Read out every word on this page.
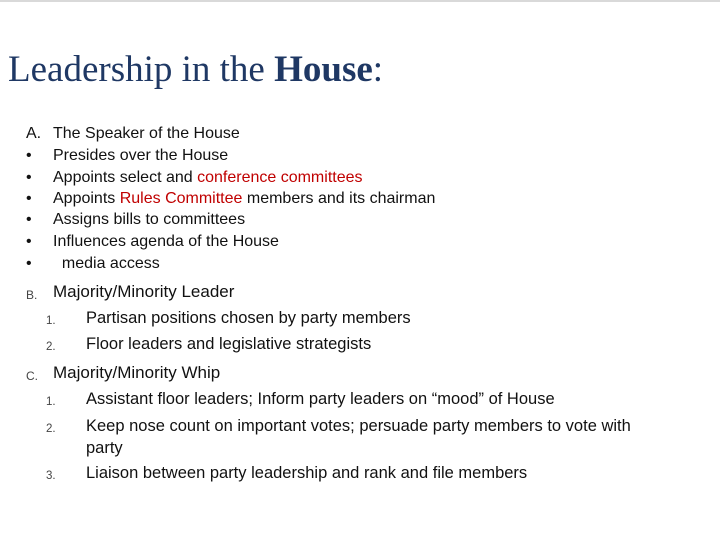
Leadership in the House:
A. The Speaker of the House
• Presides over the House
• Appoints select and conference committees
• Appoints Rules Committee members and its chairman
• Assigns bills to committees
• Influences agenda of the House
• media access
B. Majority/Minority Leader
1. Partisan positions chosen by party members
2. Floor leaders and legislative strategists
C. Majority/Minority Whip
1. Assistant floor leaders; Inform party leaders on “mood” of House
2. Keep nose count on important votes; persuade party members to vote with
party
3. Liaison between party leadership and rank and file members
